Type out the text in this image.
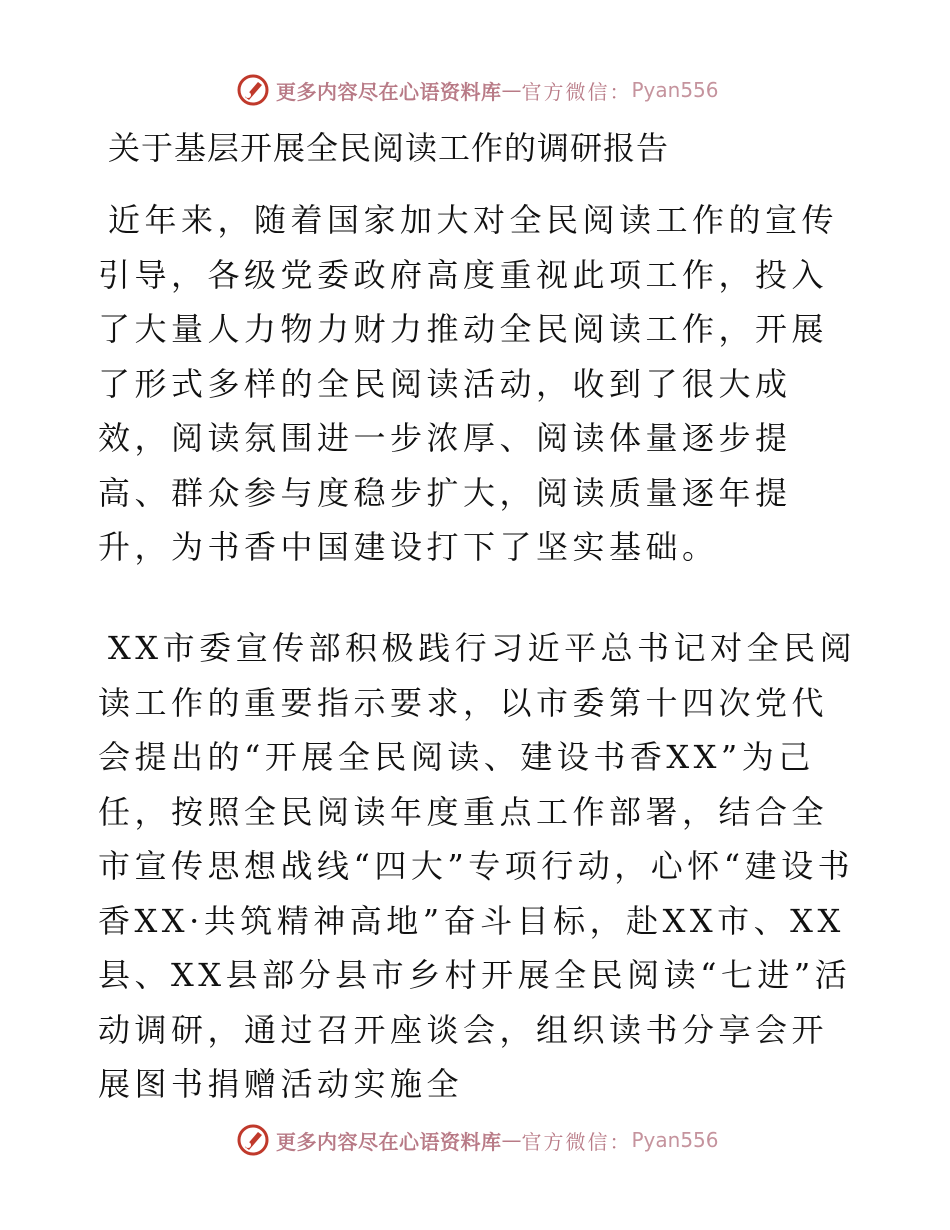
更多内容尽在心语资料库 — 官方微信： Pyan556
关于基层开展全民阅读工作的调研报告

近年来，随着国家加大对全民阅读工作的宣传引导，各级党委政府高度重视此项工作，投入了大量人力物力财力推动全民阅读工作，开展了形式多样的全民阅读活动，收到了很大成效，阅读氛围进一步浓厚、阅读体量逐步提高、群众参与度稳步扩大，阅读质量逐年提升，为书香中国建设打下了坚实基础。

XX市委宣传部积极践行习近平总书记对全民阅读工作的重要指示要求，以市委第十四次党代会提出的“开展全民阅读、建设书香XX”为己任，按照全民阅读年度重点工作部署，结合全市宣传思想战线“四大”专项行动，心怀“建设书香XX·共筑精神高地”奋斗目标，赴XX市、XX县、XX县部分县市乡村开展全民阅读“七进”活动调研，通过召开座谈会，组织读书分享会开展图书捐赠活动实施全

更多内容尽在心语资料库 — 官方微信： Pyan556
